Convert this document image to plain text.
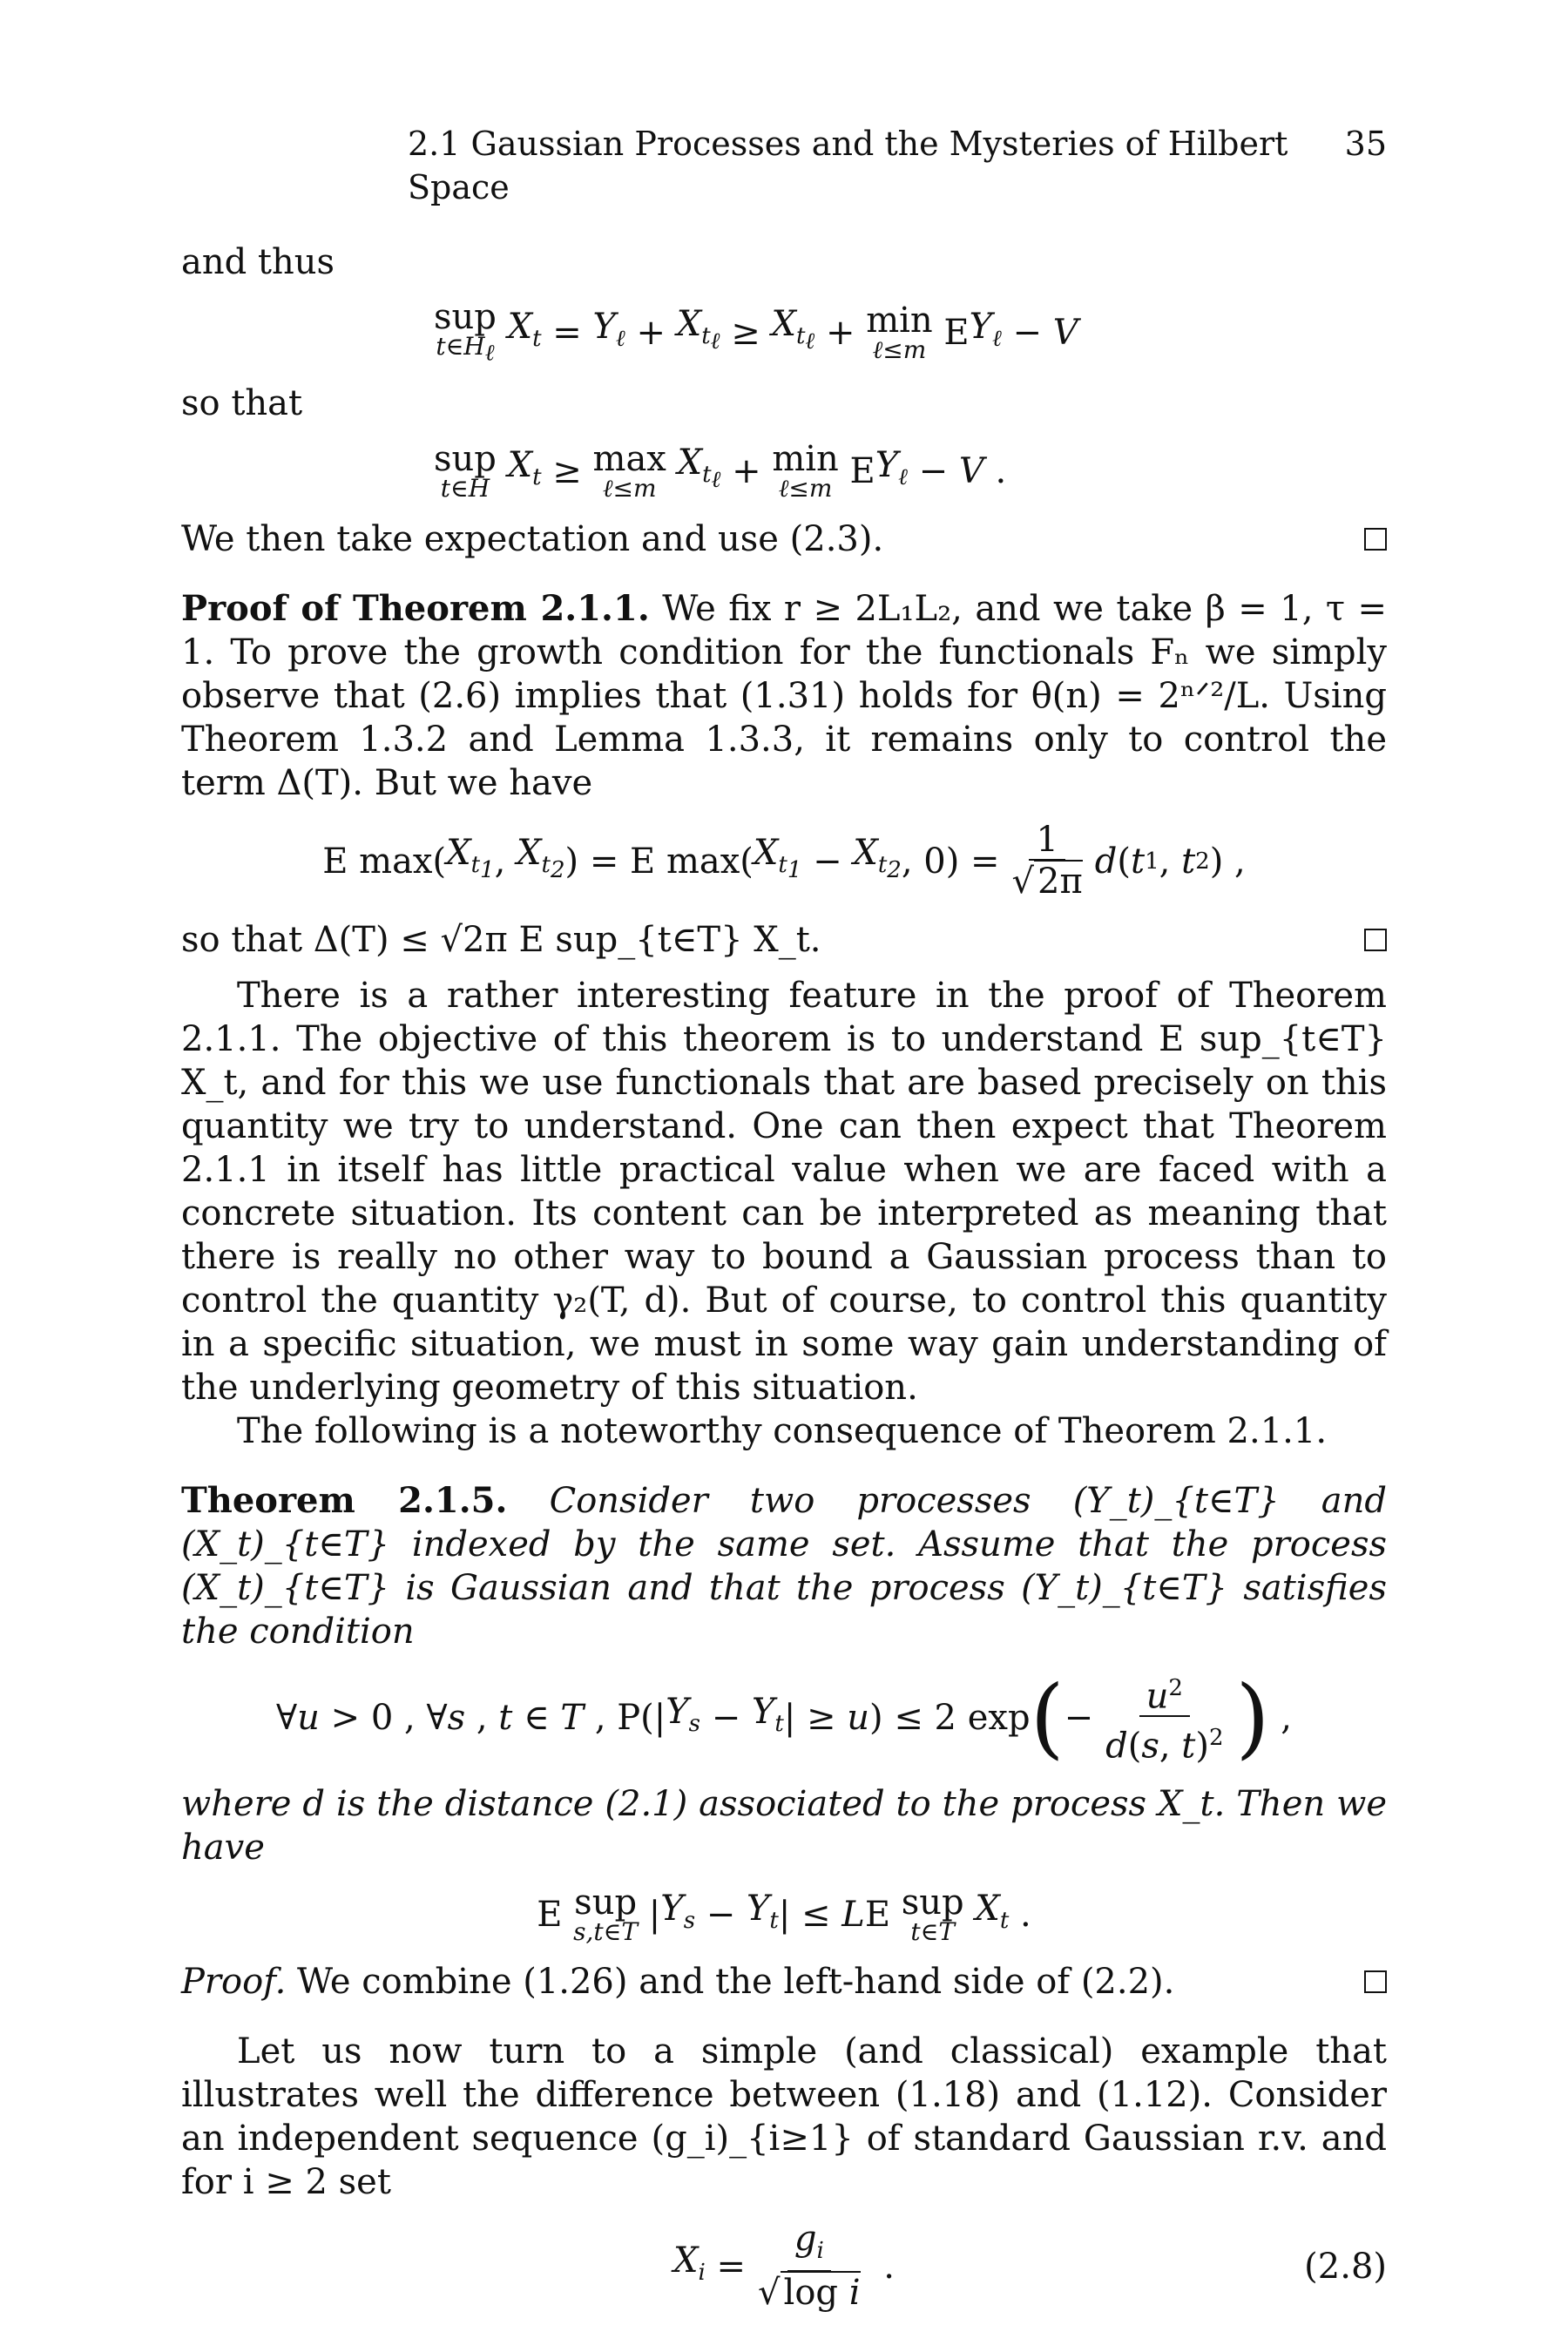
2.1 Gaussian Processes and the Mysteries of Hilbert Space
35

and thus

sup
$t\in H_\ell$

$X_t = Y_\ell + X_{t_\ell} \ge X_{t_\ell} + \min$
ℓ≤m E $Y_\ell - V$

so that

sup
t∈H

$X_t \ge \max$
ℓ≤m

$X_{t_\ell} + \min$
ℓ≤m E $Y_\ell - V$ .
We then take expectation and use (2.3).

Proof of Theorem 2.1.1. We fix r ≥ 2L₁L₂, and we take β = 1, τ = 1. To prove the growth condition for the functionals Fₙ we simply observe that (2.6) implies that (1.31) holds for θ(n) = 2ⁿᐟ²/L. Using Theorem 1.3.2 and Lemma 1.3.3, it remains only to control the term Δ(T). But we have

E max( $X_{t_1}$ , $X_{t_2}$ ) = E max( $X_{t_1} - X_{t_2}$ , $0) = \frac{1}{√ 2\pi}$ d ( t 1 , t 2 ) ,
so that Δ(T) ≤ √2π E sup_{t∈T} X_t.

There is a rather interesting feature in the proof of Theorem 2.1.1. The objective of this theorem is to understand E sup_{t∈T} X_t, and for this we use functionals that are based precisely on this quantity we try to understand. One can then expect that Theorem 2.1.1 in itself has little practical value when we are faced with a concrete situation. Its content can be interpreted as meaning that there is really no other way to bound a Gaussian process than to control the quantity γ₂(T, d). But of course, to control this quantity in a specific situation, we must in some way gain understanding of the underlying geometry of this situation.

The following is a noteworthy consequence of Theorem 2.1.1.

Theorem 2.1.5. Consider two processes (Y_t)_{t∈T} and (X_t)_{t∈T} indexed by the same set. Assume that the process (X_t)_{t∈T} is Gaussian and that the process (Y_t)_{t∈T} satisfies the condition

∀ u > 0 , ∀ s , t ∈ T , P(| $Y_s - Y_t$ | ≥ u ) ≤ 2 exp ( − $\frac{u^2}{d(s, t)^2}$ ) ,

where d is the distance (2.1) associated to the process X_t. Then we have

E sup
s,t∈T | $Y_s - Y_t$ | ≤ L E sup
t∈T

$X_t$ .
Proof. We combine (1.26) and the left-hand side of (2.2).

Let us now turn to a simple (and classical) example that illustrates well the difference between (1.18) and (1.12). Consider an independent sequence (g_i)_{i≥1} of standard Gaussian r.v. and for i ≥ 2 set

$X_i = \frac{g_i}{\text{√ log i}}$ .	(2.8)
